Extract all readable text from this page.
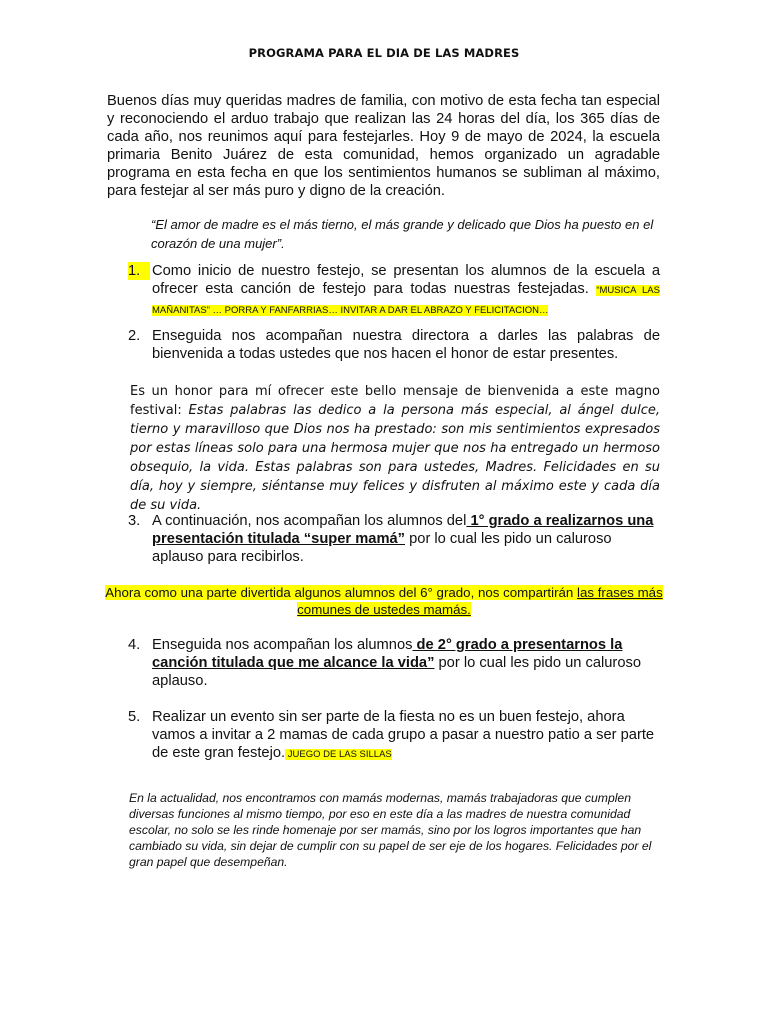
PROGRAMA PARA EL DIA DE LAS MADRES
Buenos días muy queridas madres de familia, con motivo de esta fecha tan especial y reconociendo el arduo trabajo que realizan las 24 horas del día, los 365 días de cada año, nos reunimos aquí para festejarles. Hoy 9 de mayo de 2024, la escuela primaria Benito Juárez de esta comunidad, hemos organizado un agradable programa en esta fecha en que los sentimientos humanos se subliman al máximo, para festejar al ser más puro y digno de la creación.
“El amor de madre es el más tierno, el más grande y delicado que Dios ha puesto en el corazón de una mujer”.
1. Como inicio de nuestro festejo, se presentan los alumnos de la escuela a ofrecer esta canción de festejo para todas nuestras festejadas. “MUSICA LAS MAÑANITAS” … PORRA Y FANFARRIAS… INVITAR A DAR EL ABRAZO Y FELICITACION…
2. Enseguida nos acompañan nuestra directora a darles las palabras de bienvenida a todas ustedes que nos hacen el honor de estar presentes.
Es un honor para mí ofrecer este bello mensaje de bienvenida a este magno festival: Estas palabras las dedico a la persona más especial, al ángel dulce, tierno y maravilloso que Dios nos ha prestado: son mis sentimientos expresados por estas líneas solo para una hermosa mujer que nos ha entregado un hermoso obsequio, la vida. Estas palabras son para ustedes, Madres. Felicidades en su día, hoy y siempre, siéntanse muy felices y disfruten al máximo este y cada día de su vida.
3. A continuación, nos acompañan los alumnos del 1° grado a realizarnos una presentación titulada “super mamá” por lo cual les pido un caluroso aplauso para recibirlos.
Ahora como una parte divertida algunos alumnos del 6° grado, nos compartirán las frases más comunes de ustedes mamás.
4. Enseguida nos acompañan los alumnos de 2° grado a presentarnos la canción titulada que me alcance la vida” por lo cual les pido un caluroso aplauso.
5. Realizar un evento sin ser parte de la fiesta no es un buen festejo, ahora vamos a invitar a 2 mamas de cada grupo a pasar a nuestro patio a ser parte de este gran festejo. JUEGO DE LAS SILLAS
En la actualidad, nos encontramos con mamás modernas, mamás trabajadoras que cumplen diversas funciones al mismo tiempo, por eso en este día a las madres de nuestra comunidad escolar, no solo se les rinde homenaje por ser mamás, sino por los logros importantes que han cambiado su vida, sin dejar de cumplir con su papel de ser eje de los hogares. Felicidades por el gran papel que desempeñan.
